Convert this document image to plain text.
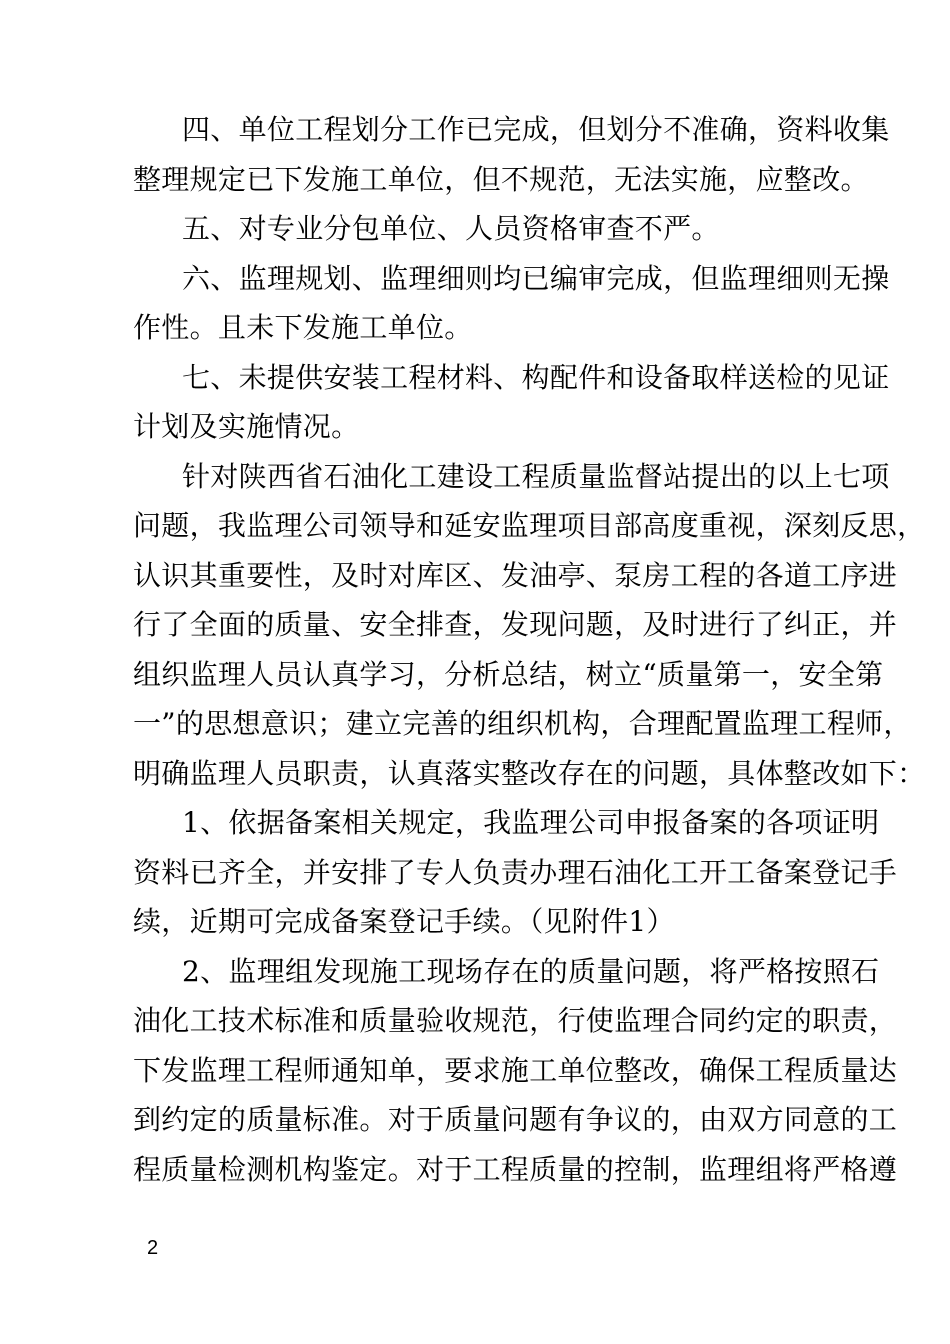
四、单位工程划分工作已完成，但划分不准确，资料收集
整理规定已下发施工单位，但不规范，无法实施，应整改。
五、对专业分包单位、人员资格审查不严。
六、监理规划、监理细则均已编审完成，但监理细则无操
作性。且未下发施工单位。
七、未提供安装工程材料、构配件和设备取样送检的见证
计划及实施情况。
针对陕西省石油化工建设工程质量监督站提出的以上七项
问题，我监理公司领导和延安监理项目部高度重视，深刻反思，
认识其重要性，及时对库区、发油亭、泵房工程的各道工序进
行了全面的质量、安全排查，发现问题，及时进行了纠正，并
组织监理人员认真学习，分析总结，树立“质量第一，安全第
一”的思想意识；建立完善的组织机构，合理配置监理工程师，
明确监理人员职责，认真落实整改存在的问题，具体整改如下：
1、依据备案相关规定，我监理公司申报备案的各项证明
资料已齐全，并安排了专人负责办理石油化工开工备案登记手
续，近期可完成备案登记手续。（见附件1）
2、监理组发现施工现场存在的质量问题，将严格按照石
油化工技术标准和质量验收规范，行使监理合同约定的职责，
下发监理工程师通知单，要求施工单位整改，确保工程质量达
到约定的质量标准。对于质量问题有争议的，由双方同意的工
程质量检测机构鉴定。对于工程质量的控制，监理组将严格遵
2
